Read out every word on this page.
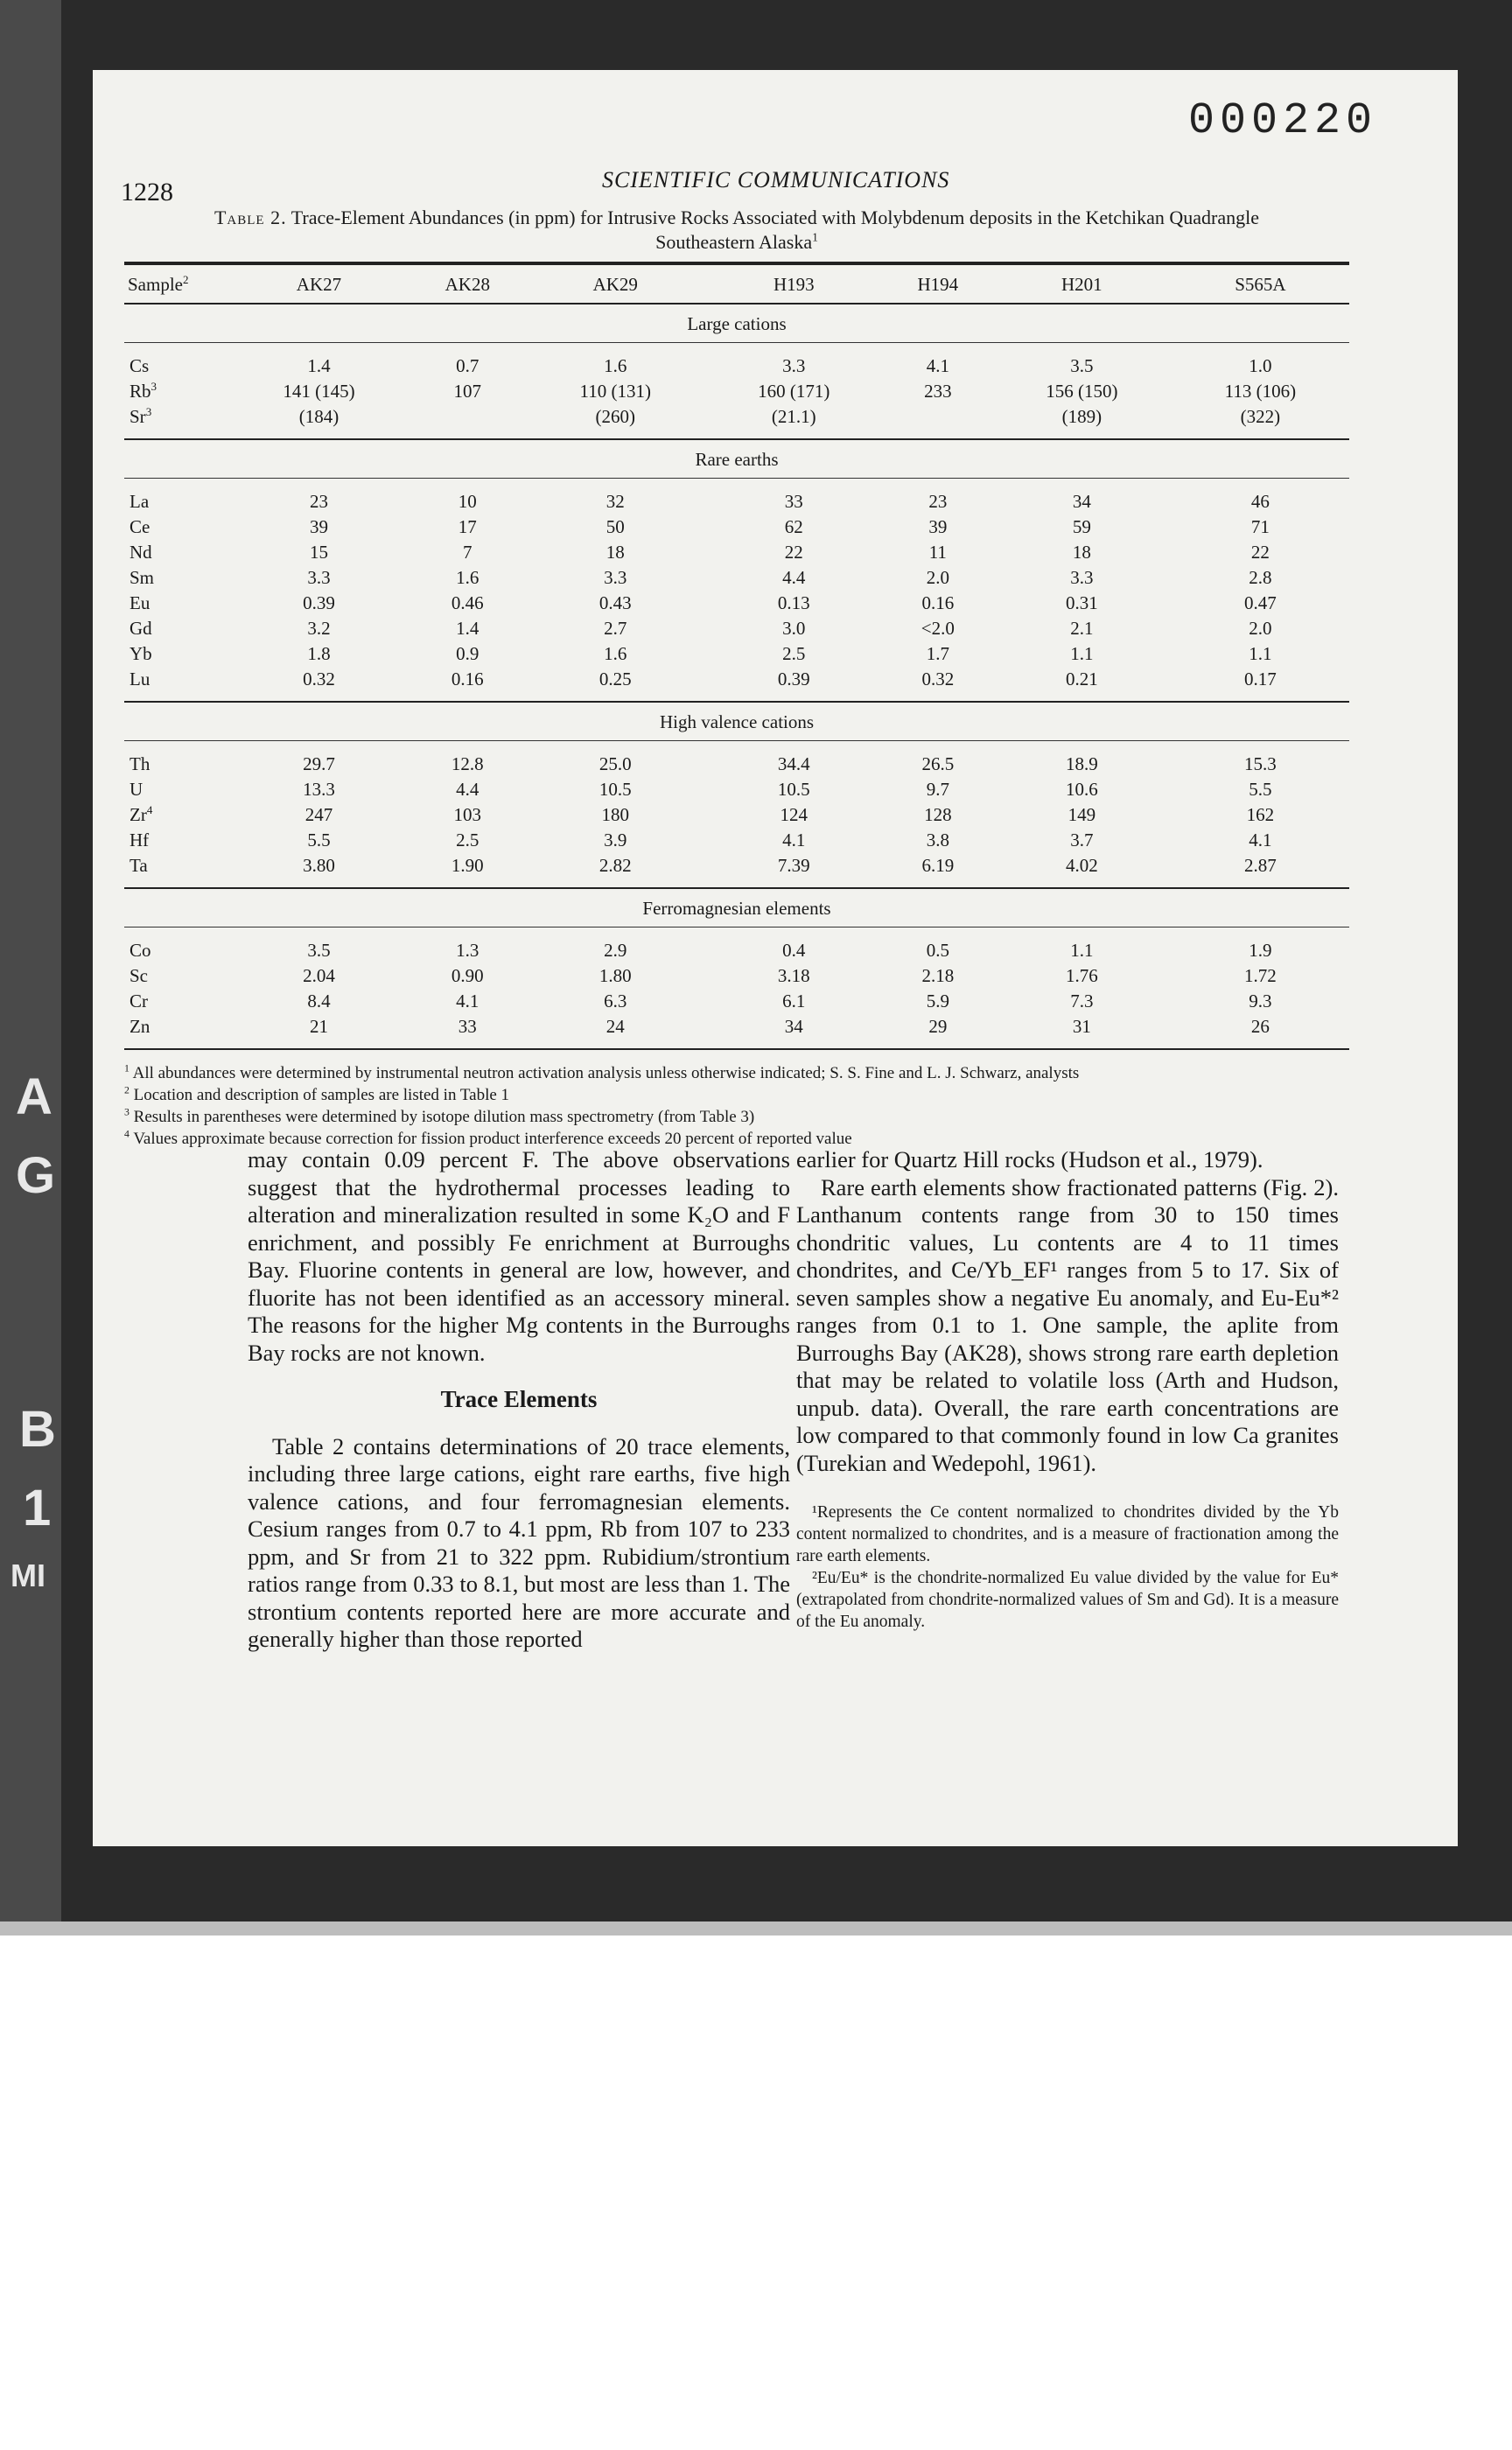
A
G
B
1
MI
000220
1228	SCIENTIFIC COMMUNICATIONS
Table 2. Trace-Element Abundances (in ppm) for Intrusive Rocks Associated with Molybdenum deposits in the Ketchikan Quadrangle Southeastern Alaska$^1$
Sample$^2$	AK27	AK28	AK29	H193	H194	H201	S565A
Large cations							
Cs	1.4	0.7	1.6	3.3	4.1	3.5	1.0
Rb$^3$	141 (145)	107	110 (131)	160 (171)	233	156 (150)	113 (106)
Sr$^3$	(184)		(260)	(21.1)		(189)	(322)
Rare earths							
La	23	10	32	33	23	34	46
Ce	39	17	50	62	39	59	71
Nd	15	7	18	22	11	18	22
Sm	3.3	1.6	3.3	4.4	2.0	3.3	2.8
Eu	0.39	0.46	0.43	0.13	0.16	0.31	0.47
Gd	3.2	1.4	2.7	3.0	<2.0	2.1	2.0
Yb	1.8	0.9	1.6	2.5	1.7	1.1	1.1
Lu	0.32	0.16	0.25	0.39	0.32	0.21	0.17
High valence cations							
Th	29.7	12.8	25.0	34.4	26.5	18.9	15.3
U	13.3	4.4	10.5	10.5	9.7	10.6	5.5
Zr$^4$	247	103	180	124	128	149	162
Hf	5.5	2.5	3.9	4.1	3.8	3.7	4.1
Ta	3.80	1.90	2.82	7.39	6.19	4.02	2.87
Ferromagnesian elements							
Co	3.5	1.3	2.9	0.4	0.5	1.1	1.9
Sc	2.04	0.90	1.80	3.18	2.18	1.76	1.72
Cr	8.4	4.1	6.3	6.1	5.9	7.3	9.3
Zn	21	33	24	34	29	31	26

$^1$ All abundances were determined by instrumental neutron activation analysis unless otherwise indicated; S. S. Fine and L. J. Schwarz, analysts

$^2$ Location and description of samples are listed in Table 1

$^3$ Results in parentheses were determined by isotope dilution mass spectrometry (from Table 3)

$^4$ Values approximate because correction for fission product interference exceeds 20 percent of reported value

may contain 0.09 percent F. The above observations suggest that the hydrothermal processes leading to alteration and mineralization resulted in some K₂O and F enrichment, and possibly Fe enrichment at Burroughs Bay. Fluorine contents in general are low, however, and fluorite has not been identified as an accessory mineral. The reasons for the higher Mg contents in the Burroughs Bay rocks are not known.

Trace Elements

Table 2 contains determinations of 20 trace elements, including three large cations, eight rare earths, five high valence cations, and four ferromagnesian elements. Cesium ranges from 0.7 to 4.1 ppm, Rb from 107 to 233 ppm, and Sr from 21 to 322 ppm. Rubidium/strontium ratios range from 0.33 to 8.1, but most are less than 1. The strontium contents reported here are more accurate and generally higher than those reported

earlier for Quartz Hill rocks (Hudson et al., 1979).

Rare earth elements show fractionated patterns (Fig. 2). Lanthanum contents range from 30 to 150 times chondritic values, Lu contents are 4 to 11 times chondrites, and Ce/Yb_EF¹ ranges from 5 to 17. Six of seven samples show a negative Eu anomaly, and Eu-Eu*² ranges from 0.1 to 1. One sample, the aplite from Burroughs Bay (AK28), shows strong rare earth depletion that may be related to volatile loss (Arth and Hudson, unpub. data). Overall, the rare earth concentrations are low compared to that commonly found in low Ca granites (Turekian and Wedepohl, 1961).

¹Represents the Ce content normalized to chondrites divided by the Yb content normalized to chondrites, and is a measure of fractionation among the rare earth elements.

²Eu/Eu* is the chondrite-normalized Eu value divided by the value for Eu* (extrapolated from chondrite-normalized values of Sm and Gd). It is a measure of the Eu anomaly.
